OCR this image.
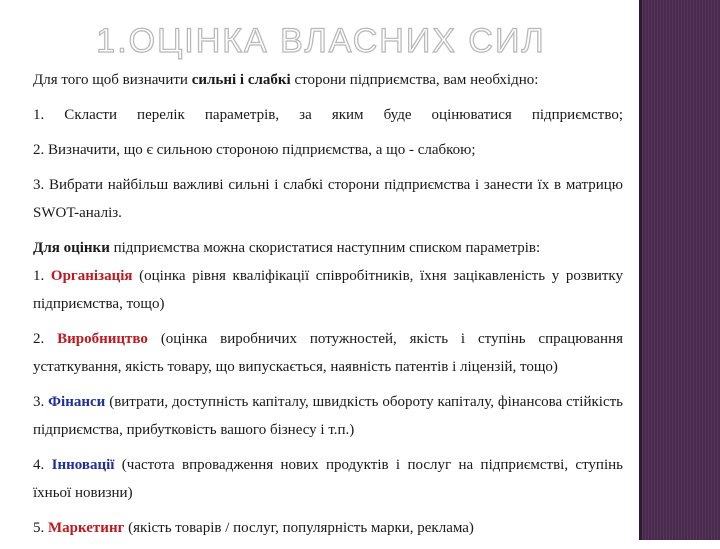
1.ОЦІНКА ВЛАСНИХ СИЛ

Для того щоб визначити сильні і слабкі сторони підприємства, вам необхідно:

1. Скласти перелік параметрів, за яким буде оцінюватися підприємство;

2. Визначити, що є сильною стороною підприємства, а що - слабкою;

3. Вибрати найбільш важливі сильні і слабкі сторони підприємства і занести їх в матрицю SWOT-аналіз.

Для оцінки підприємства можна скористатися наступним списком параметрів:

1. Організація (оцінка рівня кваліфікації співробітників, їхня зацікавленість у розвитку підприємства, тощо)

2. Виробництво (оцінка виробничих потужностей, якість і ступінь спрацювання устаткування, якість товару, що випускається, наявність патентів і ліцензій, тощо)

3. Фінанси (витрати, доступність капіталу, швидкість обороту капіталу, фінансова стійкість підприємства, прибутковість вашого бізнесу і т.п.)

4. Інновації (частота впровадження нових продуктів і послуг на підприємстві, ступінь їхньої новизни)

5. Маркетинг (якість товарів / послуг, популярність марки, реклама)
